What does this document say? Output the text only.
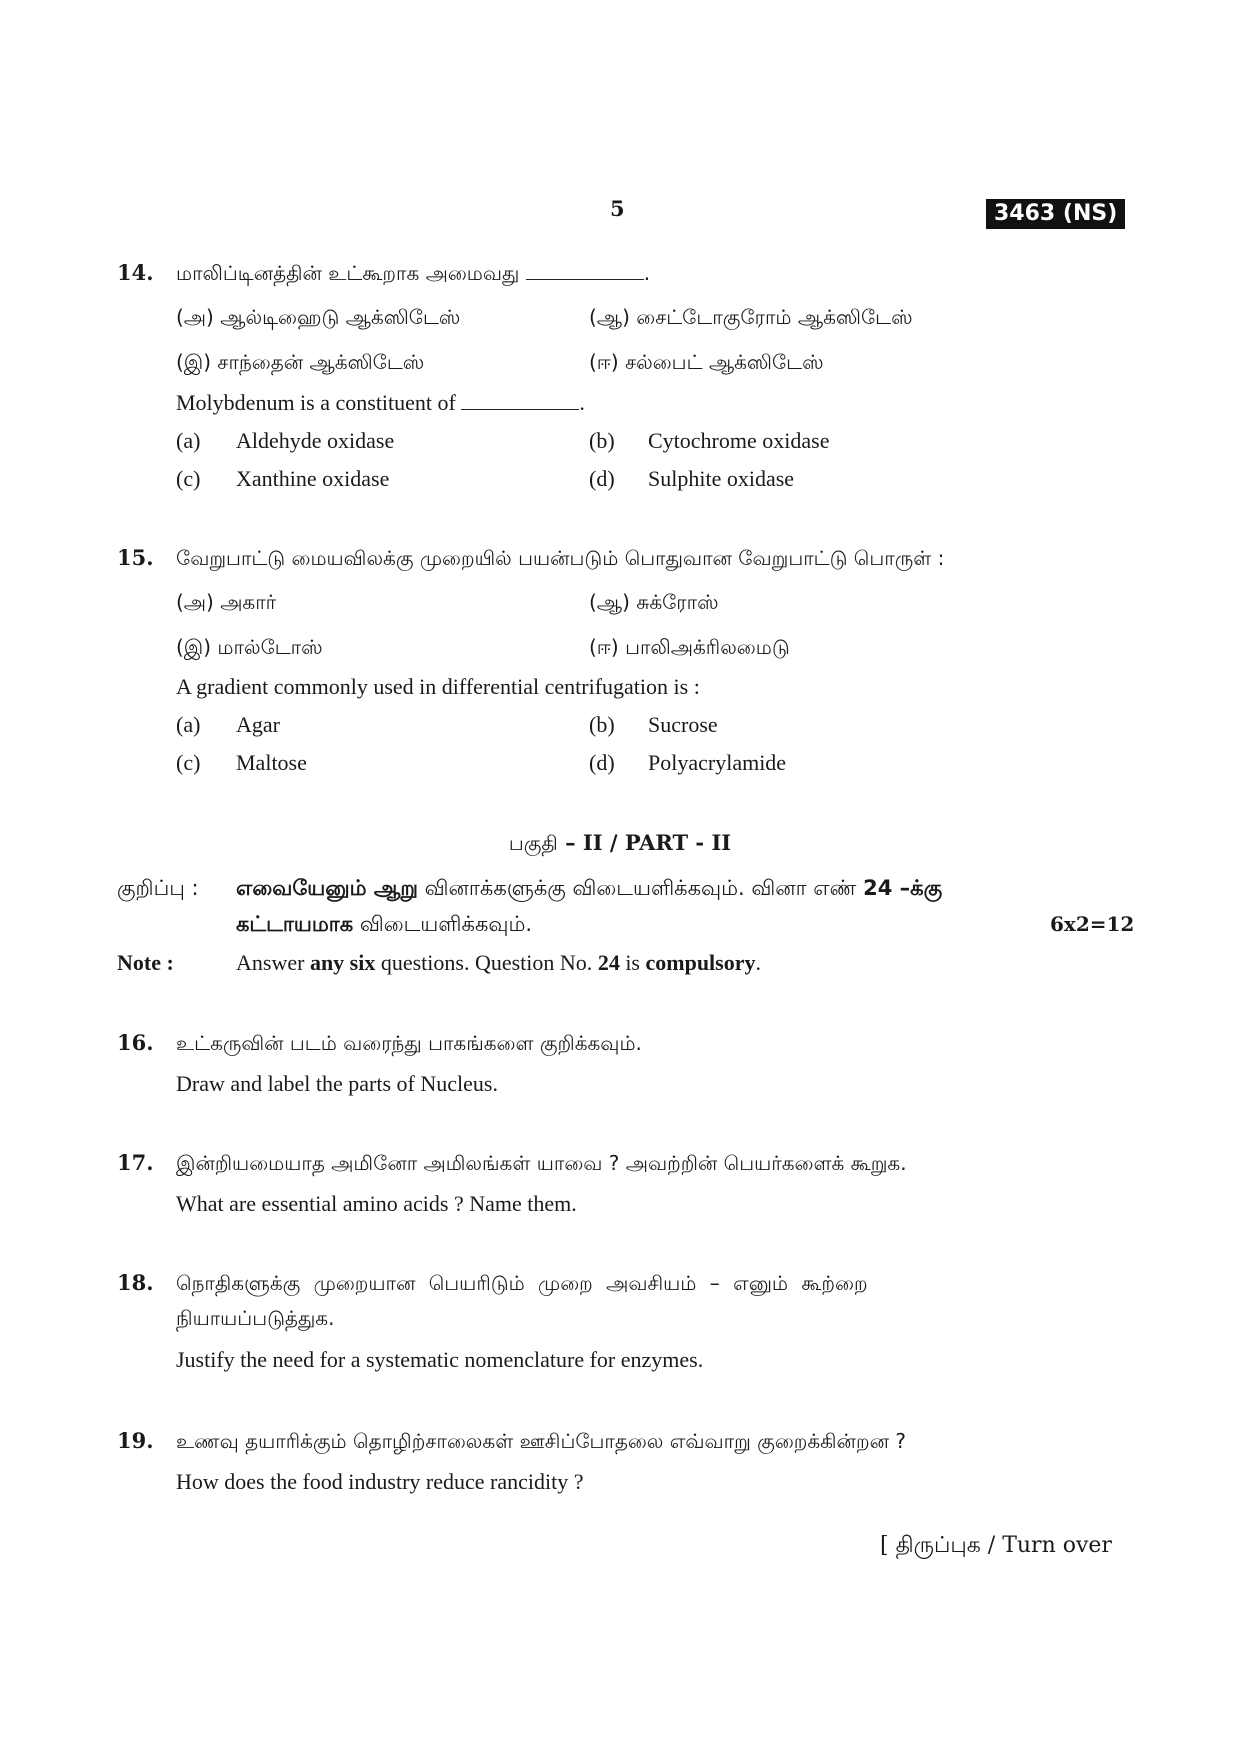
5	3463 (NS)
14. மாலிப்டினத்தின் உட்கூறாக அமைவது	.
(அ) ஆல்டிஹைடு ஆக்ஸிடேஸ்	(ஆ) சைட்டோகுரோம் ஆக்ஸிடேஸ்
(இ) சாந்தைன் ஆக்ஸிடேஸ்	(ஈ) சல்பைட் ஆக்ஸிடேஸ்
Molybdenum is a constituent of	.
(a) Aldehyde oxidase	(b) Cytochrome oxidase
(c) Xanthine oxidase	(d) Sulphite oxidase
15. வேறுபாட்டு மையவிலக்கு முறையில் பயன்படும் பொதுவான வேறுபாட்டு பொருள் :
(அ) அகார்	(ஆ) சுக்ரோஸ்
(இ) மால்டோஸ்	(ஈ) பாலிஅக்ரிலமைடு
A gradient commonly used in differential centrifugation is :
(a) Agar	(b) Sucrose
(c) Maltose	(d) Polyacrylamide
பகுதி – II / PART - II
குறிப்பு : எவையேனும் ஆறு வினாக்களுக்கு விடையளிக்கவும். வினா எண் 24 –க்கு
கட்டாயமாக விடையளிக்கவும்.	6x2=12
Note :	Answer any six questions. Question No. 24 is compulsory.
16. உட்கருவின் படம் வரைந்து பாகங்களை குறிக்கவும்.
Draw and label the parts of Nucleus.
17. இன்றியமையாத அமினோ அமிலங்கள் யாவை ? அவற்றின் பெயர்களைக் கூறுக.
What are essential amino acids ? Name them.
18. நொதிகளுக்கு முறையான பெயரிடும் முறை அவசியம் – எனும் கூற்றை
நியாயப்படுத்துக.
Justify the need for a systematic nomenclature for enzymes.
19. உணவு தயாரிக்கும் தொழிற்சாலைகள் ஊசிப்போதலை எவ்வாறு குறைக்கின்றன ?
How does the food industry reduce rancidity ?
[ திருப்புக / Turn over
